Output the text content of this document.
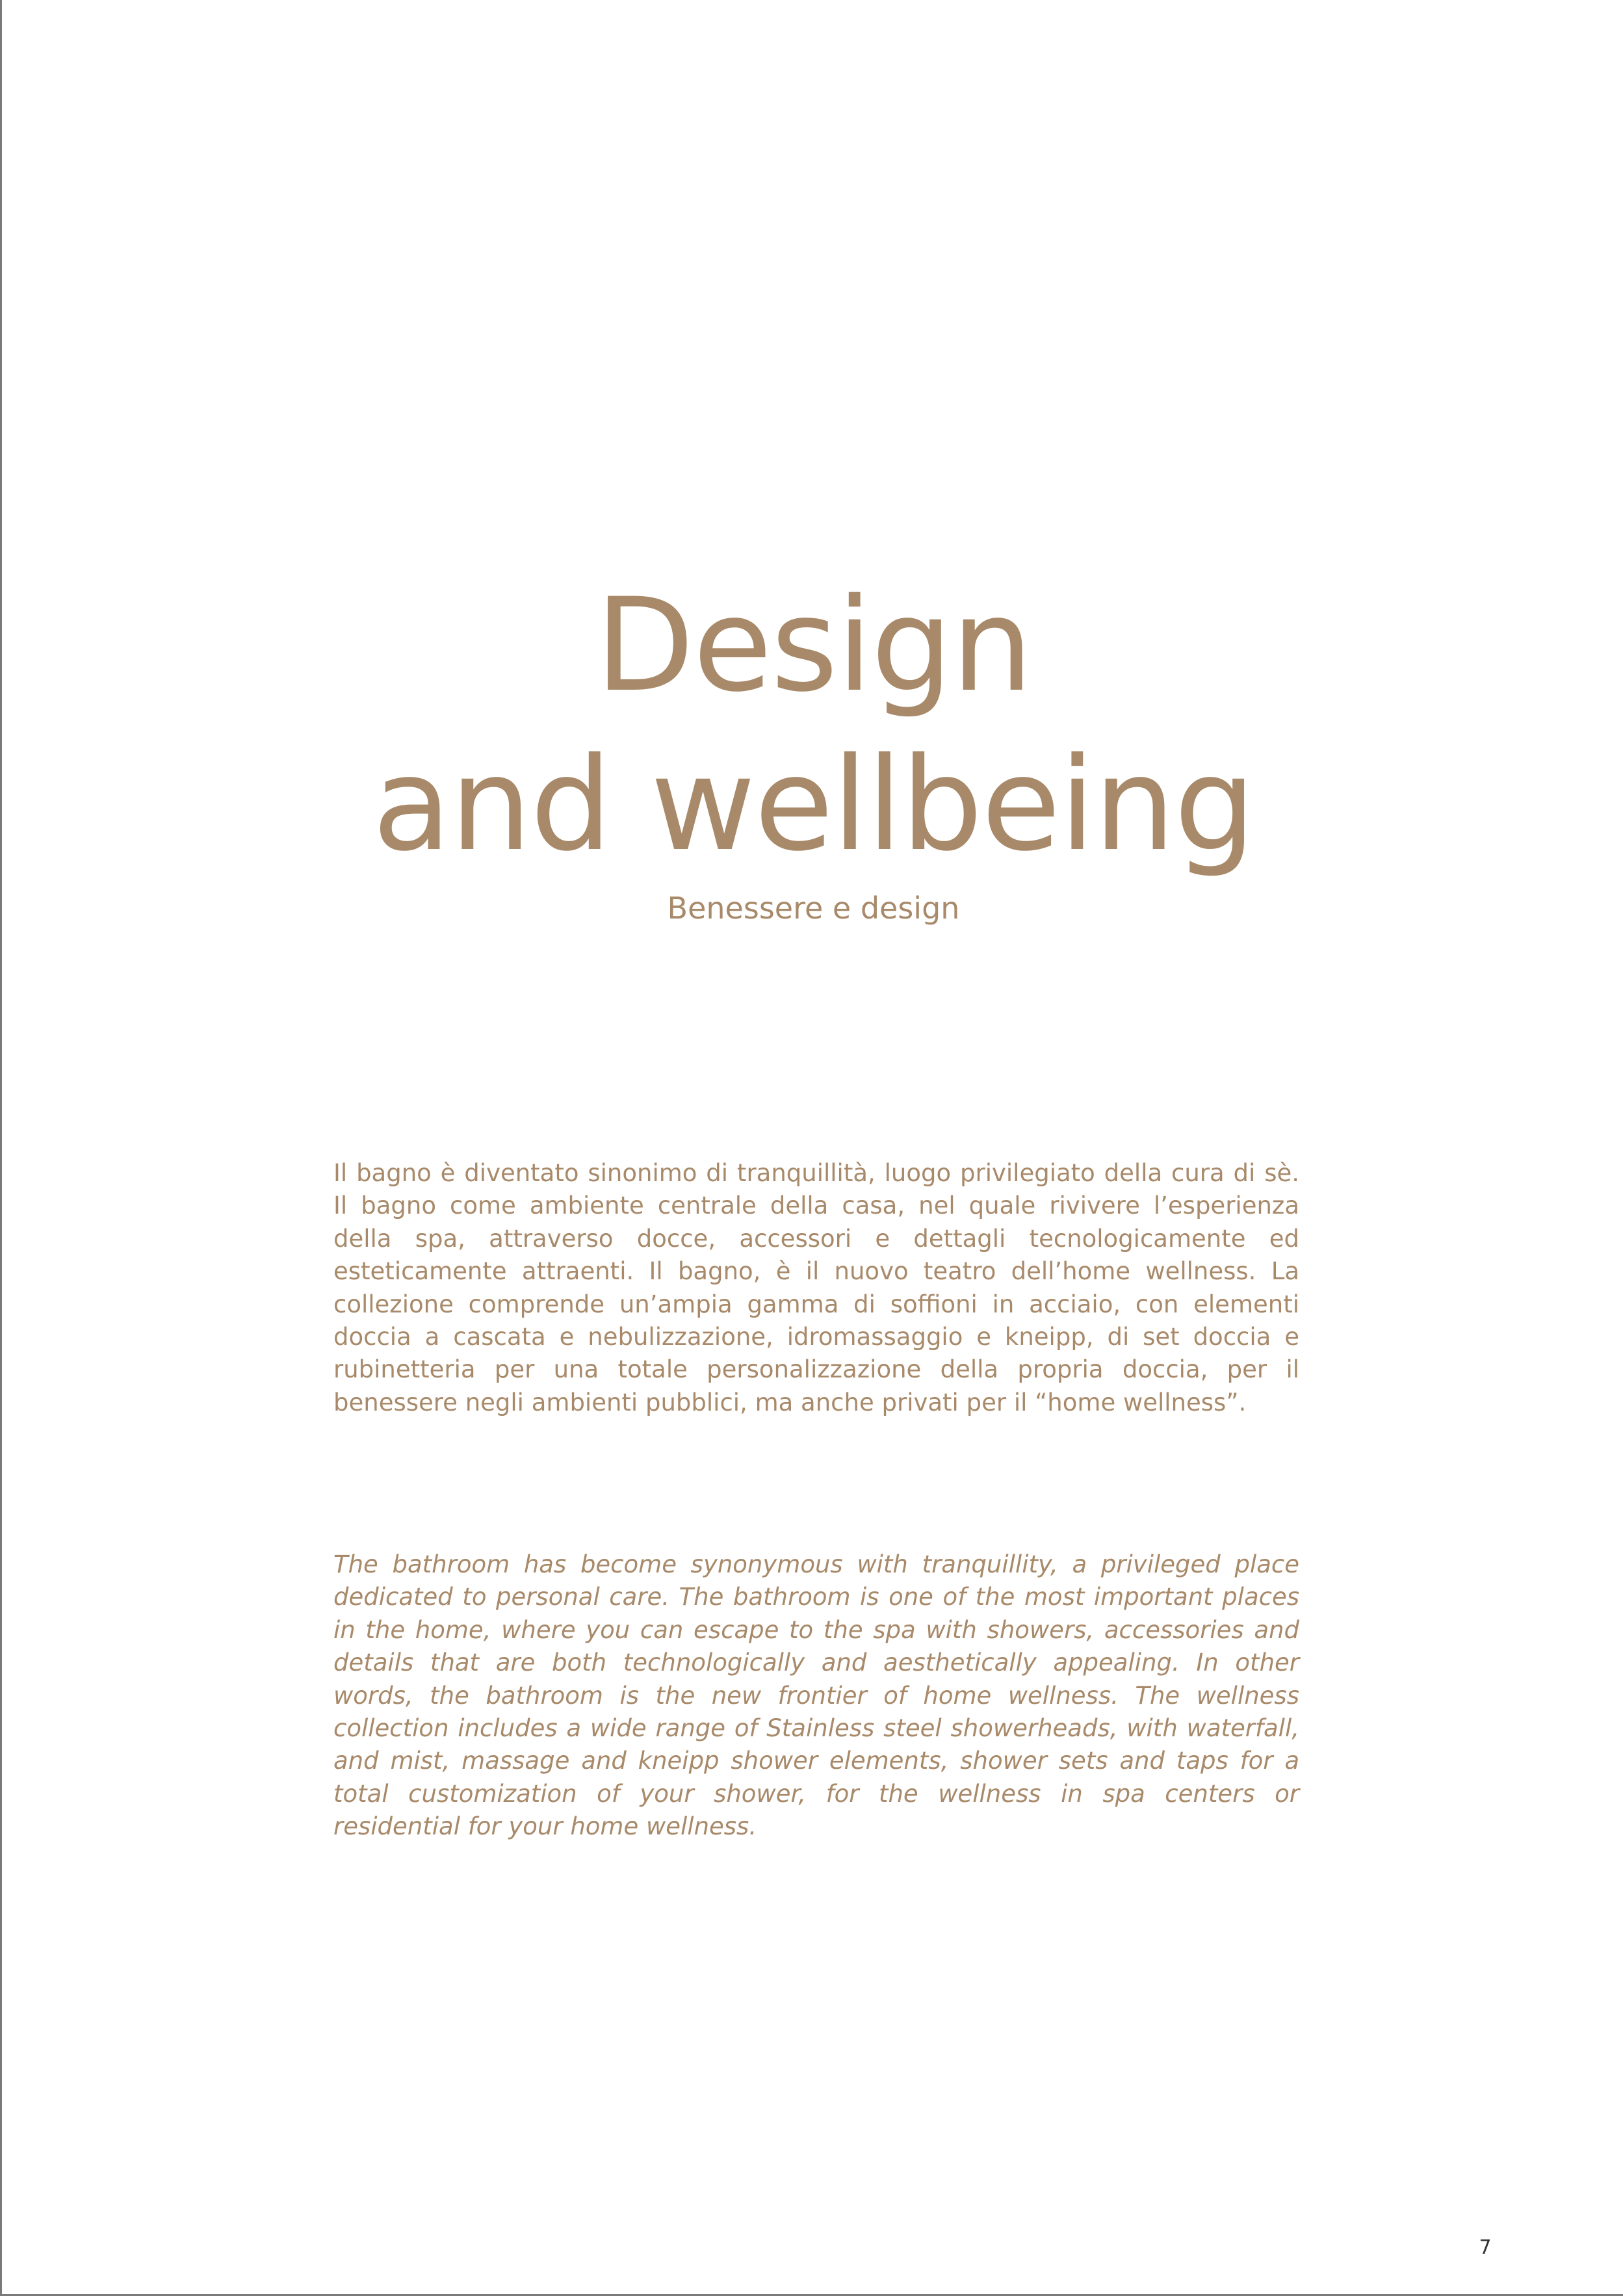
Design
and wellbeing

Benessere e design

Il bagno è diventato sinonimo di tranquillità, luogo privilegiato della cura di sè. Il bagno come ambiente centrale della casa, nel quale rivivere l’esperienza della spa, attraverso docce, accessori e dettagli tecnologicamente ed esteticamente attraenti. Il bagno, è il nuovo teatro dell’home wellness. La collezione comprende un’ampia gamma di soffioni in acciaio, con elementi doccia a cascata e nebulizzazione, idromassaggio e kneipp, di set doccia e rubinetteria per una totale personalizzazione della propria doccia, per il benessere negli ambienti pubblici, ma anche privati per il “home wellness”.

The bathroom has become synonymous with tranquillity, a privileged place dedicated to personal care. The bathroom is one of the most important places in the home, where you can escape to the spa with showers, accessories and details that are both technologically and aesthetically appealing. In other words, the bathroom is the new frontier of home wellness. The wellness collection includes a wide range of Stainless steel showerheads, with waterfall, and mist, massage and kneipp shower elements, shower sets and taps for a total customization of your shower, for the wellness in spa centers or residential for your home wellness.

7
